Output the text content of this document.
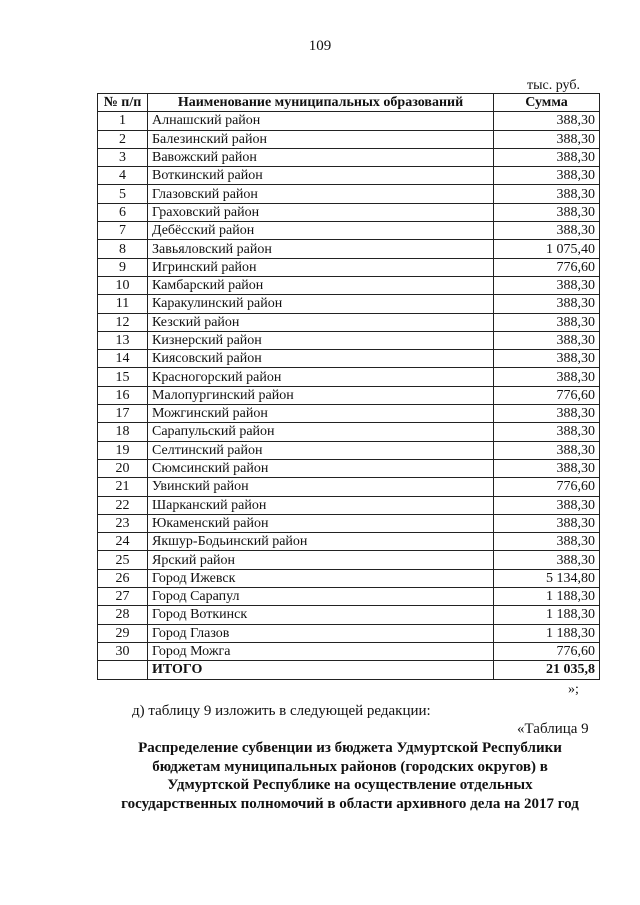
109
тыс. руб.
№ п/п	Наименование муниципальных образований	Сумма
1	Алнашский район	388,30
2	Балезинский район	388,30
3	Вавожский район	388,30
4	Воткинский район	388,30
5	Глазовский район	388,30
6	Граховский район	388,30
7	Дебёсский район	388,30
8	Завьяловский район	1 075,40
9	Игринский район	776,60
10	Камбарский район	388,30
11	Каракулинский район	388,30
12	Кезский район	388,30
13	Кизнерский район	388,30
14	Киясовский район	388,30
15	Красногорский район	388,30
16	Малопургинский район	776,60
17	Можгинский район	388,30
18	Сарапульский район	388,30
19	Селтинский район	388,30
20	Сюмсинский район	388,30
21	Увинский район	776,60
22	Шарканский район	388,30
23	Юкаменский район	388,30
24	Якшур-Бодьинский район	388,30
25	Ярский район	388,30
26	Город Ижевск	5 134,80
27	Город Сарапул	1 188,30
28	Город Воткинск	1 188,30
29	Город Глазов	1 188,30
30	Город Можга	776,60
	ИТОГО	21 035,8
»;
д) таблицу 9 изложить в следующей редакции:
«Таблица 9
Распределение субвенции из бюджета Удмуртской Республики
бюджетам муниципальных районов (городских округов) в
Удмуртской Республике на осуществление отдельных
государственных полномочий в области архивного дела на 2017 год
